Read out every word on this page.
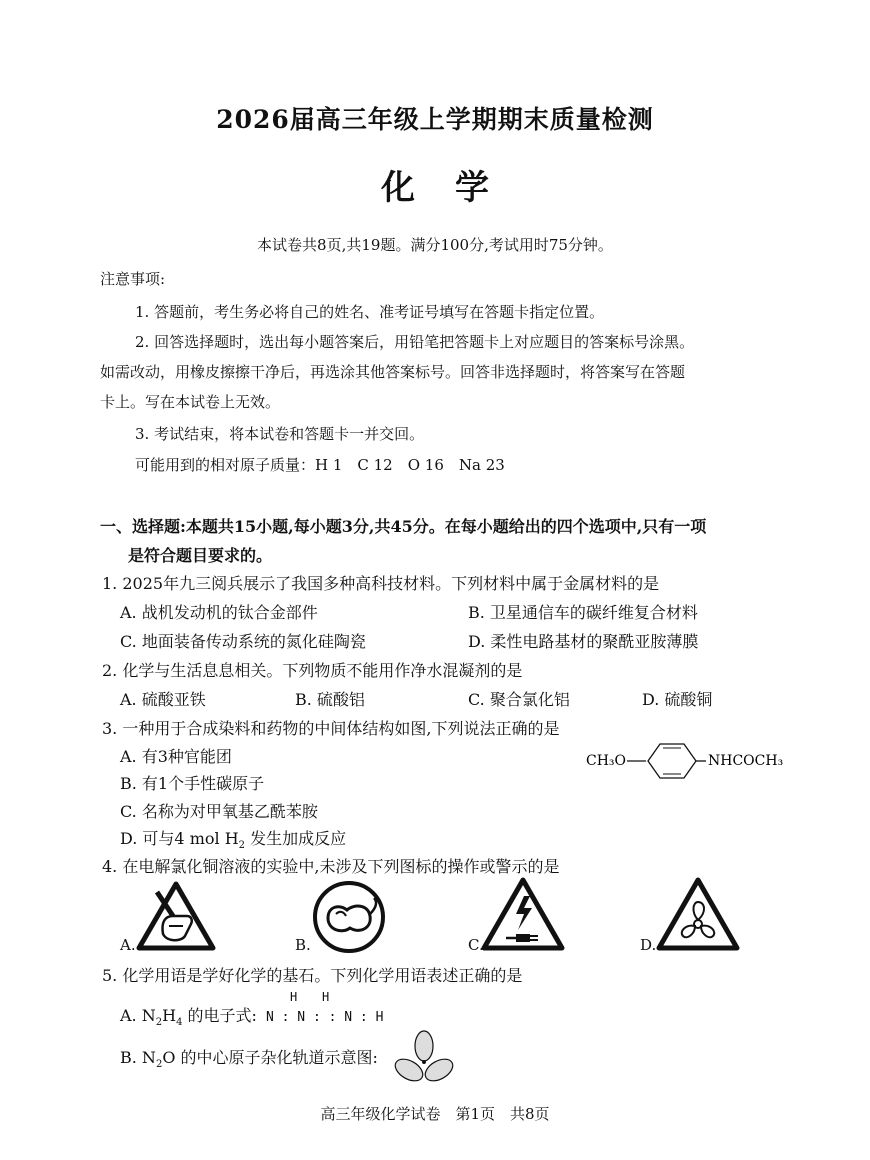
2026届高三年级上学期期末质量检测
化学
本试卷共8页,共19题。满分100分,考试用时75分钟。
注意事项:
1. 答题前，考生务必将自己的姓名、准考证号填写在答题卡指定位置。
2. 回答选择题时，选出每小题答案后，用铅笔把答题卡上对应题目的答案标号涂黑。
如需改动，用橡皮擦擦干净后，再选涂其他答案标号。回答非选择题时，将答案写在答题
卡上。写在本试卷上无效。
3. 考试结束，将本试卷和答题卡一并交回。
可能用到的相对原子质量：H 1　C 12　O 16　Na 23
一、选择题:本题共15小题,每小题3分,共45分。在每小题给出的四个选项中,只有一项
是符合题目要求的。
1. 2025年九三阅兵展示了我国多种高科技材料。下列材料中属于金属材料的是
A. 战机发动机的钛合金部件	B. 卫星通信车的碳纤维复合材料
C. 地面装备传动系统的氮化硅陶瓷	D. 柔性电路基材的聚酰亚胺薄膜
2. 化学与生活息息相关。下列物质不能用作净水混凝剂的是
A. 硫酸亚铁	B. 硫酸铝	C. 聚合氯化铝	D. 硫酸铜
3. 一种用于合成染料和药物的中间体结构如图,下列说法正确的是
A. 有3种官能团
B. 有1个手性碳原子
C. 名称为对甲氧基乙酰苯胺
D. 可与4 mol $H_2$ 发生加成反应
CH₃O	NHCOCH₃
4. 在电解氯化铜溶液的实验中,未涉及下列图标的操作或警示的是
A.	B.	C.	D.
5. 化学用语是学好化学的基石。下列化学用语表述正确的是
A. $N_2H_4$ 的电子式:
H H
N : N : : N : H
B. $N_2O$ 的中心原子杂化轨道示意图:
高三年级化学试卷　第1页　共8页
